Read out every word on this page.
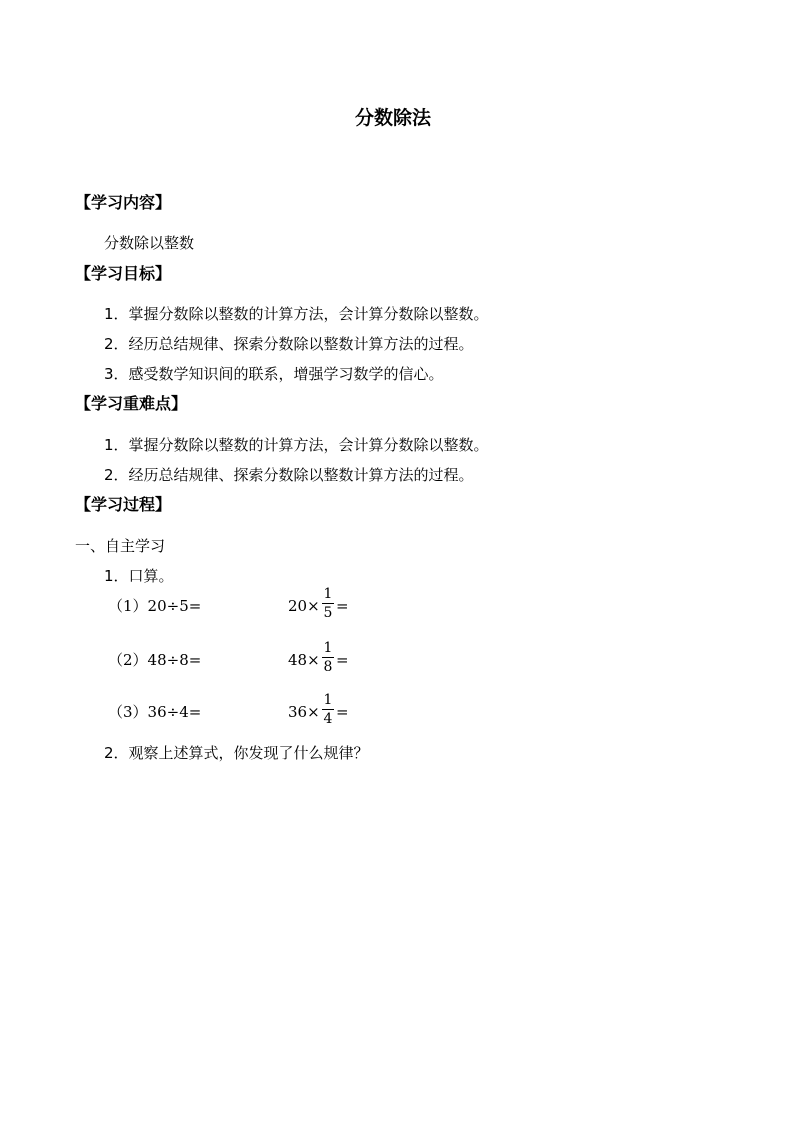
分数除法
【学习内容】
分数除以整数
【学习目标】
1．掌握分数除以整数的计算方法，会计算分数除以整数。
2．经历总结规律、探索分数除以整数计算方法的过程。
3．感受数学知识间的联系，增强学习数学的信心。
【学习重难点】
1．掌握分数除以整数的计算方法，会计算分数除以整数。
2．经历总结规律、探索分数除以整数计算方法的过程。
【学习过程】
一、自主学习
1．口算。
（1）20÷5=	20×
1
5 =
（2）48÷8=	48×
1
8 =
（3）36÷4=	36×
1
4 =
2．观察上述算式，你发现了什么规律？
